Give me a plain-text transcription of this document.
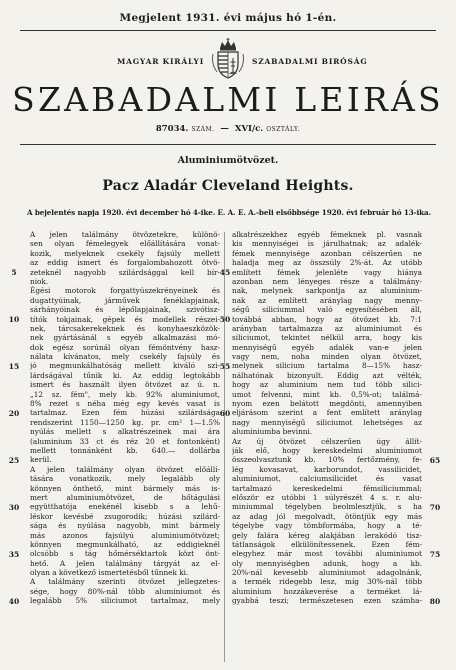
Megjelent 1931. évi május hó 1-én.
MAGYAR KIRÁLYI	SZABADALMI BIRÓSÁG
SZABADALMI LEIRÁS
87034. SZÁM.  —  XVI/c. OSZTÁLY.
Aluminiumötvözet.
Pacz Aladár Cleveland Heights.
A bejelentés napja 1920. évi december hó 4-ike. E. A. E. A.-beli elsőbbsége 1920. évi február hó 13-ika.
5
10
15
20
25
30
35
40
A jelen találmány ötvözetekre, különö-
sen olyan fémelegyek előállítására vonat-
kozik, melyeknek csekély fajsúly mellett
az eddig ismert és forgalombahozott ötvö-
zeteknél nagyobb szilárdsággal kell bír-
niok.
Égési motorok forgattyúszekrényeinek és
dugattyúinak, járművek fenéklapjainak,
sárhányóinak és lépőlapjainak, szivótisz-
títók tokjainak, gépek és modellek részei-
nek, tárcsakerekeknek és konyhaeszközök-
nek gyártásánál s egyéb alkalmazási mó-
dok egész sorúnál olyan fémöntvény hasz-
nálata kívánatos, mely csekély fajsúly és
jó megmunkálhatóság mellett kiváló szi-
lárdságával tűnik ki. Az eddig legtokább
ismert és használt ilyen ötvözet az ú. n.
„12 sz. fém", mely kb. 92% aluminiumot,
8% rezet s néha még egy kevés vasat is
tartalmaz. Ezen fém húzási szilárdsága
rendszerint 1150—1250 kg. pr. cm² 1—1.5%
nyúlás mellett s alkatrészeinek mai ára
(aluminium 33 ct és réz 20 et fontonként)
mellett tonnánként kb. 640.— dollárba
kerül.
A jelen találmány olyan ötvözet előállí-
tására vonatkozik, mely legalább oly
könnyen önthető, mint bármely más is-
mert aluminiumötvözet, de hőtágulási
együtthatója enekénél kisebb s a lehű-
léskor kevésbé zsugorodik; húzási szilárd-
sága és nyúlása nagyobb, mint bármely
más azonos fajsúlyú aluminiumötvözet;
könnyen megmunkálható, az eddigieknél
olcsóbb s tág hőmérséktartok közt önt-
hető. A jelen találmány tárgyát az el-
olyan a következő ismertetésből tűnnek ki.
A találmány szerinti ötvözet jellegzetes-
sége, hogy 80%-nál több aluminiumot és
legalább 5% siliciumot tartalmaz, mely
45
50
55
60
alkatrészekhez egyéb fémeknek pl. vasnak
kis mennyiségei is járulhatnak; az adalék-
fémek mennyisége azonban célszerűen ne
haladja meg az összsúly 2%-át. Az utóbb
említett fémek jelenléte vagy hiánya
azonban nem lényeges része a találmány-
nak, melynek sarkpontja az aluminium-
nak az említett aránylag nagy menny-
ségű siliciummal való egyesítésében áll,
továbbá abban, hogy az ötvözet kb. 7:1
arányban tartalmazza az aluminiumot és
siliciumot, tekintet nélkül arra, hogy kis
mennyiségű egyéb adalék van-e jelen
vagy nem, noha minden olyan ötvözet,
melynek silicium tartalma 8—15% hasz-
nálhatónak bizonyult. Eddig azt vélték,
hogy az aluminium nem tud több silici-
umot felvenni, mint kb. 0,5%-ot; találmá-
nyom ezen belátott megdönti, amennyiben
eljárásom szerint a fent említett aránylag
nagy mennyiségű siliciumot lehetséges az
aluminiumba bevinni.
Az új ötvözet célszerűen úgy állít-
ják elő, hogy kereskedelmi aluminiumot
összeolvasztunk kb. 10% fertőzmény, fe-
lég kovasavat, karborundot, vassilicidet,
aluminiumot, calciumsilicidet és vasat
tartalmazó kereskedelmi fémsiliciummal;
először ez utóbbi 1 súlyrészét 4 s. r. alu-
miniummal tégelyben beolmlesztjük, s ha
az adag jól megolvadt, ötöntjük egy más
tégelybe vagy tömbformába, hogy a té-
gely falára kéreg alakjában lerakódó tisz-
tátlanságok elkülönítessenek. Ezen fém-
elegyhez már most további aluminiumot
oly mennyiségben adunk, hogy a kb.
20%-nál kevesebb aluminiumot adagolnánk,
a termék ridegebb lesz, míg 30%-nál több
aluminium hozzákeverése a terméket lá-
gyabbá teszi; természetesen ezen számha-
65
70
75
80
